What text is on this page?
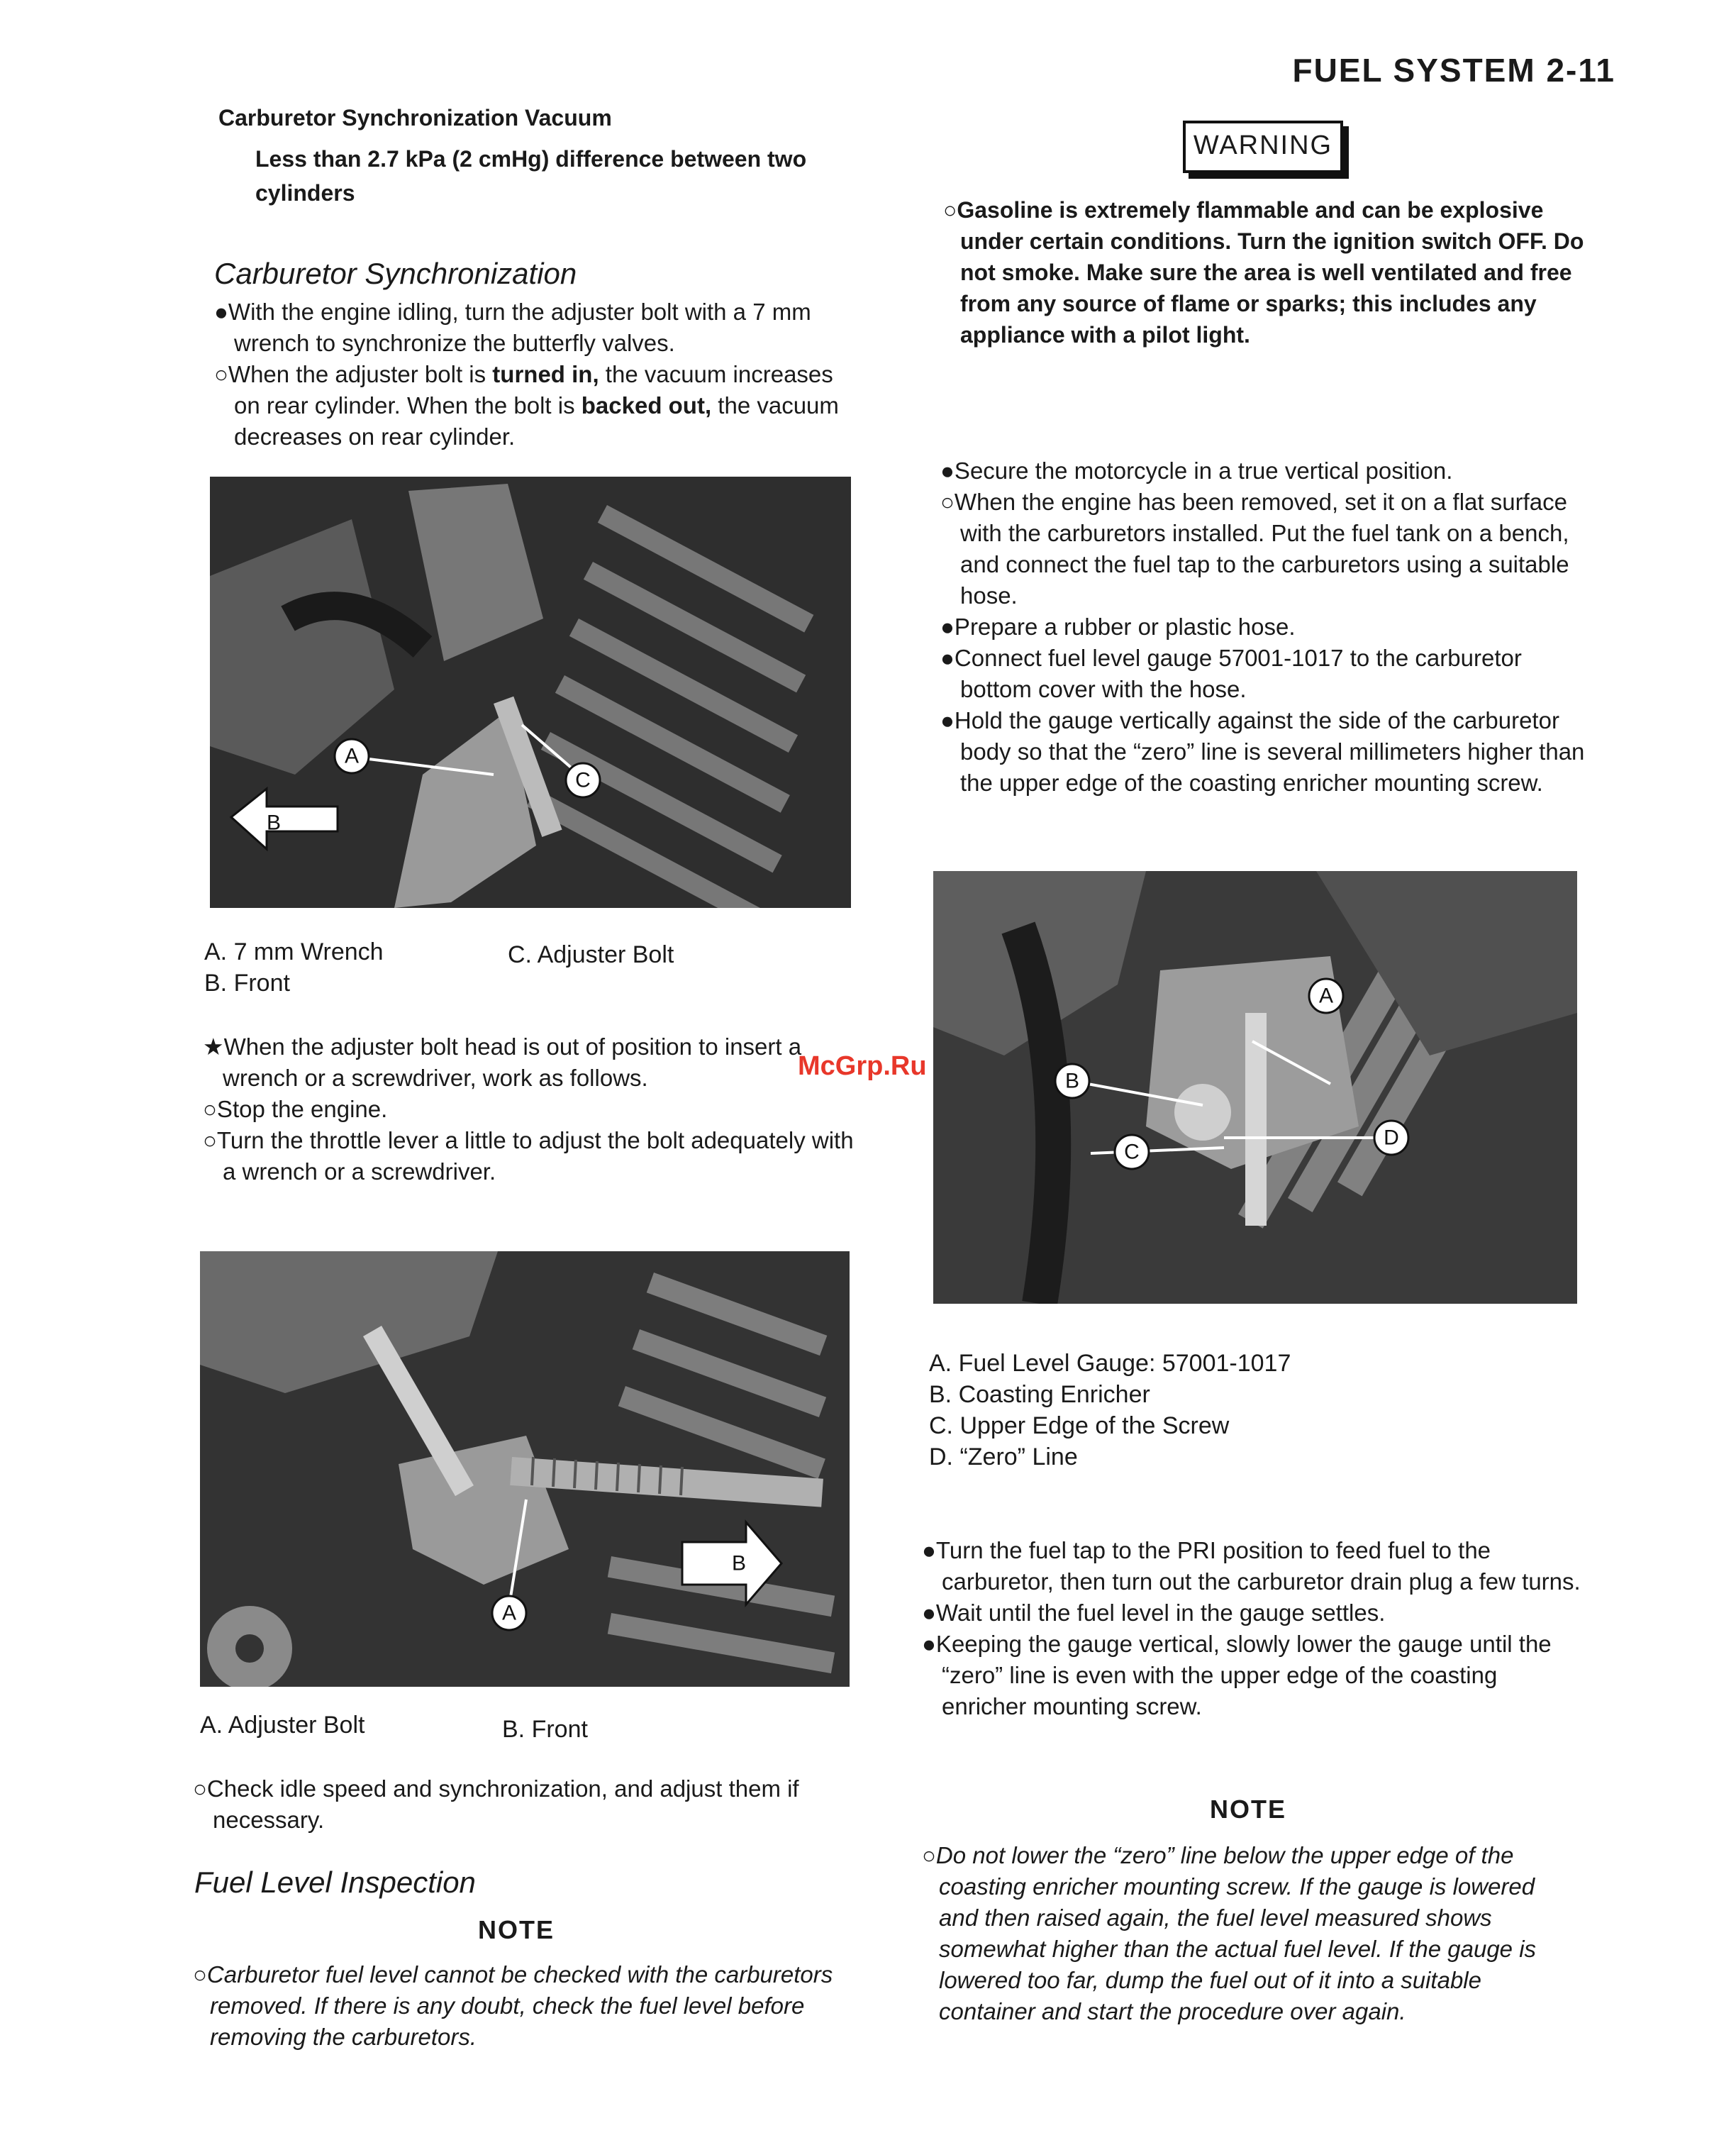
FUEL SYSTEM 2-11
Carburetor Synchronization Vacuum
Less than 2.7 kPa (2 cmHg) difference between two
cylinders
Carburetor Synchronization

●With the engine idling, turn the adjuster bolt with a 7 mm wrench to synchronize the butterfly valves.

○When the adjuster bolt is turned in, the vacuum increases on rear cylinder. When the bolt is backed out, the vacuum decreases on rear cylinder.

B
A
C
A. 7 mm Wrench
B. Front
C. Adjuster Bolt

★When the adjuster bolt head is out of position to insert a wrench or a screwdriver, work as follows.

○Stop the engine.

○Turn the throttle lever a little to adjust the bolt adequately with a wrench or a screwdriver.

B
A
A. Adjuster Bolt	B. Front

○Check idle speed and synchronization, and adjust them if necessary.

Fuel Level Inspection
NOTE

○Carburetor fuel level cannot be checked with the carburetors removed. If there is any doubt, check the fuel level before removing the carburetors.

WARNING

○Gasoline is extremely flammable and can be explosive under certain conditions. Turn the ignition switch OFF. Do not smoke. Make sure the area is well ventilated and free from any source of flame or sparks; this includes any appliance with a pilot light.

●Secure the motorcycle in a true vertical position.

○When the engine has been removed, set it on a flat surface with the carburetors installed. Put the fuel tank on a bench, and connect the fuel tap to the carburetors using a suitable hose.

●Prepare a rubber or plastic hose.

●Connect fuel level gauge 57001-1017 to the carburetor bottom cover with the hose.

●Hold the gauge vertically against the side of the carburetor body so that the “zero” line is several millimeters higher than the upper edge of the coasting enricher mounting screw.

A
B
C
D
A. Fuel Level Gauge: 57001-1017
B. Coasting Enricher
C. Upper Edge of the Screw
D. “Zero” Line

●Turn the fuel tap to the PRI position to feed fuel to the carburetor, then turn out the carburetor drain plug a few turns.

●Wait until the fuel level in the gauge settles.

●Keeping the gauge vertical, slowly lower the gauge until the “zero” line is even with the upper edge of the coasting enricher mounting screw.

NOTE

○Do not lower the “zero” line below the upper edge of the coasting enricher mounting screw. If the gauge is lowered and then raised again, the fuel level measured shows somewhat higher than the actual fuel level. If the gauge is lowered too far, dump the fuel out of it into a suitable container and start the procedure over again.

McGrp.Ru
